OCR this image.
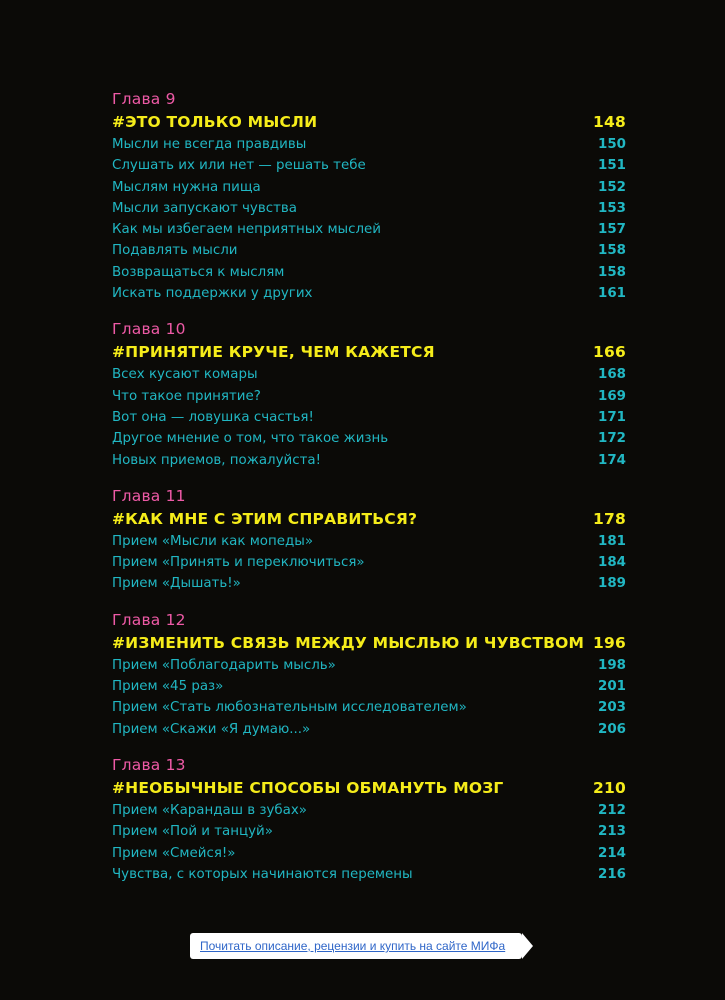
Глава 9
#ЭТО ТОЛЬКО МЫСЛИ	148
Мысли не всегда правдивы	150
Слушать их или нет — решать тебе	151
Мыслям нужна пища	152
Мысли запускают чувства	153
Как мы избегаем неприятных мыслей	157
Подавлять мысли	158
Возвращаться к мыслям	158
Искать поддержки у других	161
Глава 10
#ПРИНЯТИЕ КРУЧЕ, ЧЕМ КАЖЕТСЯ	166
Всех кусают комары	168
Что такое принятие?	169
Вот она — ловушка счастья!	171
Другое мнение о том, что такое жизнь	172
Новых приемов, пожалуйста!	174
Глава 11
#КАК МНЕ С ЭТИМ СПРАВИТЬСЯ?	178
Прием «Мысли как мопеды»	181
Прием «Принять и переключиться»	184
Прием «Дышать!»	189
Глава 12
#ИЗМЕНИТЬ СВЯЗЬ МЕЖДУ МЫСЛЬЮ И ЧУВСТВОМ 196
Прием «Поблагодарить мысль»	198
Прием «45 раз»	201
Прием «Стать любознательным исследователем»	203
Прием «Скажи «Я думаю...»	206
Глава 13
#НЕОБЫЧНЫЕ СПОСОБЫ ОБМАНУТЬ МОЗГ	210
Прием «Карандаш в зубах»	212
Прием «Пой и танцуй»	213
Прием «Смейся!»	214
Чувства, с которых начинаются перемены	216
Почитать описание, рецензии и купить на сайте МИФа
